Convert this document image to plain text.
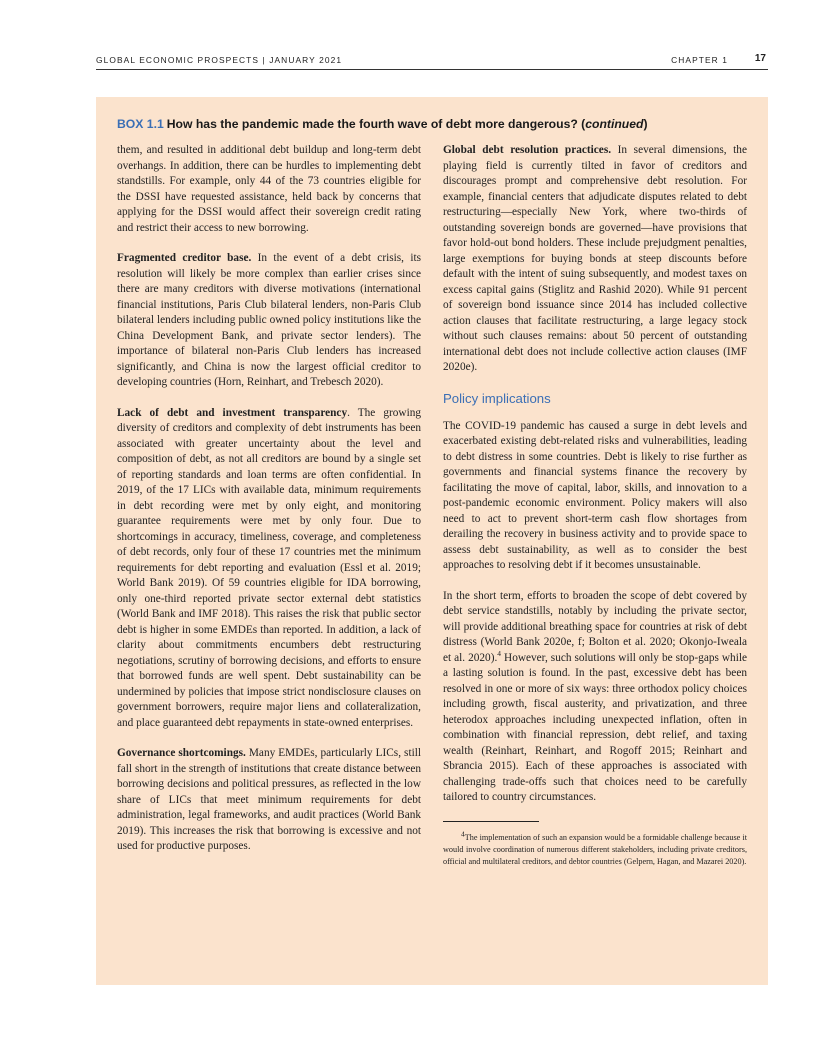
GLOBAL ECONOMIC PROSPECTS | JANUARY 2021	CHAPTER 1	17
BOX 1.1 How has the pandemic made the fourth wave of debt more dangerous? (continued)

them, and resulted in additional debt buildup and long-term debt overhangs. In addition, there can be hurdles to implementing debt standstills. For example, only 44 of the 73 countries eligible for the DSSI have requested assistance, held back by concerns that applying for the DSSI would affect their sovereign credit rating and restrict their access to new borrowing.

Fragmented creditor base. In the event of a debt crisis, its resolution will likely be more complex than earlier crises since there are many creditors with diverse motivations (international financial institutions, Paris Club bilateral lenders, non-Paris Club bilateral lenders including public owned policy institutions like the China Development Bank, and private sector lenders). The importance of bilateral non-Paris Club lenders has increased significantly, and China is now the largest official creditor to developing countries (Horn, Reinhart, and Trebesch 2020).

Lack of debt and investment transparency. The growing diversity of creditors and complexity of debt instruments has been associated with greater uncertainty about the level and composition of debt, as not all creditors are bound by a single set of reporting standards and loan terms are often confidential. In 2019, of the 17 LICs with available data, minimum requirements in debt recording were met by only eight, and monitoring guarantee requirements were met by only four. Due to shortcomings in accuracy, timeliness, coverage, and completeness of debt records, only four of these 17 countries met the minimum requirements for debt reporting and evaluation (Essl et al. 2019; World Bank 2019). Of 59 countries eligible for IDA borrowing, only one-third reported private sector external debt statistics (World Bank and IMF 2018). This raises the risk that public sector debt is higher in some EMDEs than reported. In addition, a lack of clarity about commitments encumbers debt restructuring negotiations, scrutiny of borrowing decisions, and efforts to ensure that borrowed funds are well spent. Debt sustainability can be undermined by policies that impose strict nondisclosure clauses on government borrowers, require major liens and collateralization, and place guaranteed debt repayments in state-owned enterprises.

Governance shortcomings. Many EMDEs, particularly LICs, still fall short in the strength of institutions that create distance between borrowing decisions and political pressures, as reflected in the low share of LICs that meet minimum requirements for debt administration, legal frameworks, and audit practices (World Bank 2019). This increases the risk that borrowing is excessive and not used for productive purposes.

Global debt resolution practices. In several dimensions, the playing field is currently tilted in favor of creditors and discourages prompt and comprehensive debt resolution. For example, financial centers that adjudicate disputes related to debt restructuring—especially New York, where two-thirds of outstanding sovereign bonds are governed—have provisions that favor hold-out bond holders. These include prejudgment penalties, large exemptions for buying bonds at steep discounts before default with the intent of suing subsequently, and modest taxes on excess capital gains (Stiglitz and Rashid 2020). While 91 percent of sovereign bond issuance since 2014 has included collective action clauses that facilitate restructuring, a large legacy stock without such clauses remains: about 50 percent of outstanding international debt does not include collective action clauses (IMF 2020e).

Policy implications

The COVID-19 pandemic has caused a surge in debt levels and exacerbated existing debt-related risks and vulnerabilities, leading to debt distress in some countries. Debt is likely to rise further as governments and financial systems finance the recovery by facilitating the move of capital, labor, skills, and innovation to a post-pandemic economic environment. Policy makers will also need to act to prevent short-term cash flow shortages from derailing the recovery in business activity and to provide space to assess debt sustainability, as well as to consider the best approaches to resolving debt if it becomes unsustainable.

In the short term, efforts to broaden the scope of debt covered by debt service standstills, notably by including the private sector, will provide additional breathing space for countries at risk of debt distress (World Bank 2020e, f; Bolton et al. 2020; Okonjo-Iweala et al. 2020).$^4$ However, such solutions will only be stop-gaps while a lasting solution is found. In the past, excessive debt has been resolved in one or more of six ways: three orthodox policy choices including growth, fiscal austerity, and privatization, and three heterodox approaches including unexpected inflation, often in combination with financial repression, debt relief, and taxing wealth (Reinhart, Reinhart, and Rogoff 2015; Reinhart and Sbrancia 2015). Each of these approaches is associated with challenging trade-offs such that choices need to be carefully tailored to country circumstances.

$^4$The implementation of such an expansion would be a formidable challenge because it would involve coordination of numerous different stakeholders, including private creditors, official and multilateral creditors, and debtor countries (Gelpern, Hagan, and Mazarei 2020).
